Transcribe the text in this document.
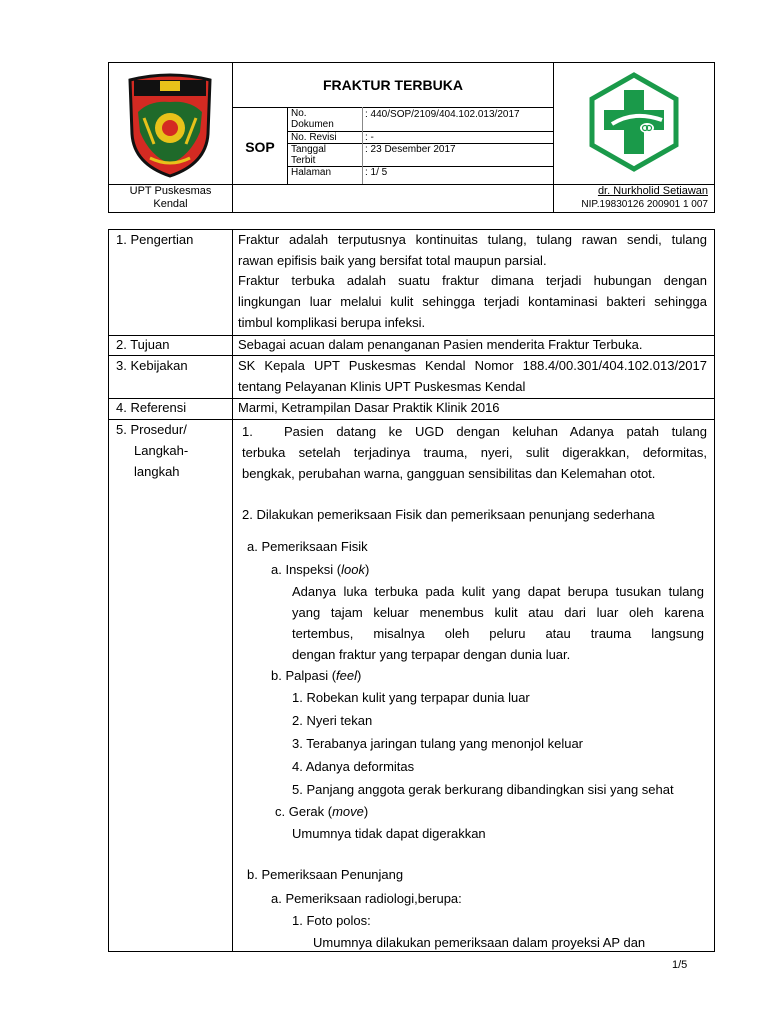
FRAKTUR TERBUKA
SOP
No.
Dokumen
: 440/SOP/2109/404.102.013/2017
No. Revisi	: -
Tanggal
Terbit
: 23 Desember 2017
Halaman	: 1/ 5
UPT Puskesmas
Kendal
dr. Nurkholid Setiawan
NIP.19830126 200901 1 007
1. Pengertian	Fraktur adalah terputusnya kontinuitas tulang, tulang rawan sendi, tulang
rawan epifisis baik yang bersifat total maupun parsial.
Fraktur terbuka adalah suatu fraktur dimana terjadi hubungan dengan
lingkungan luar melalui kulit sehingga terjadi kontaminasi bakteri sehingga
timbul komplikasi berupa infeksi.
2. Tujuan	Sebagai acuan dalam penanganan Pasien menderita Fraktur Terbuka.
3. Kebijakan	SK Kepala UPT Puskesmas Kendal Nomor 188.4/00.301/404.102.013/2017
tentang Pelayanan Klinis UPT Puskesmas Kendal
4. Referensi	Marmi, Ketrampilan Dasar Praktik Klinik 2016
5. Prosedur/
Langkah-
langkah
1. Pasien datang ke UGD dengan keluhan Adanya patah tulang
terbuka setelah terjadinya trauma, nyeri, sulit digerakkan, deformitas,
bengkak, perubahan warna, gangguan sensibilitas dan Kelemahan otot.
2. Dilakukan pemeriksaan Fisik dan pemeriksaan penunjang sederhana
a. Pemeriksaan Fisik
a. Inspeksi (look)
Adanya luka terbuka pada kulit yang dapat berupa tusukan tulang
yang tajam keluar menembus kulit atau dari luar oleh karena
tertembus, misalnya oleh peluru atau trauma langsung
dengan fraktur yang terpapar dengan dunia luar.
b. Palpasi (feel)
1. Robekan kulit yang terpapar dunia luar
2. Nyeri tekan
3. Terabanya jaringan tulang yang menonjol keluar
4. Adanya deformitas
5. Panjang anggota gerak berkurang dibandingkan sisi yang sehat
c. Gerak (move)
Umumnya tidak dapat digerakkan
b. Pemeriksaan Penunjang
a. Pemeriksaan radiologi,berupa:
1. Foto polos:
Umumnya dilakukan pemeriksaan dalam proyeksi AP dan
1/5
